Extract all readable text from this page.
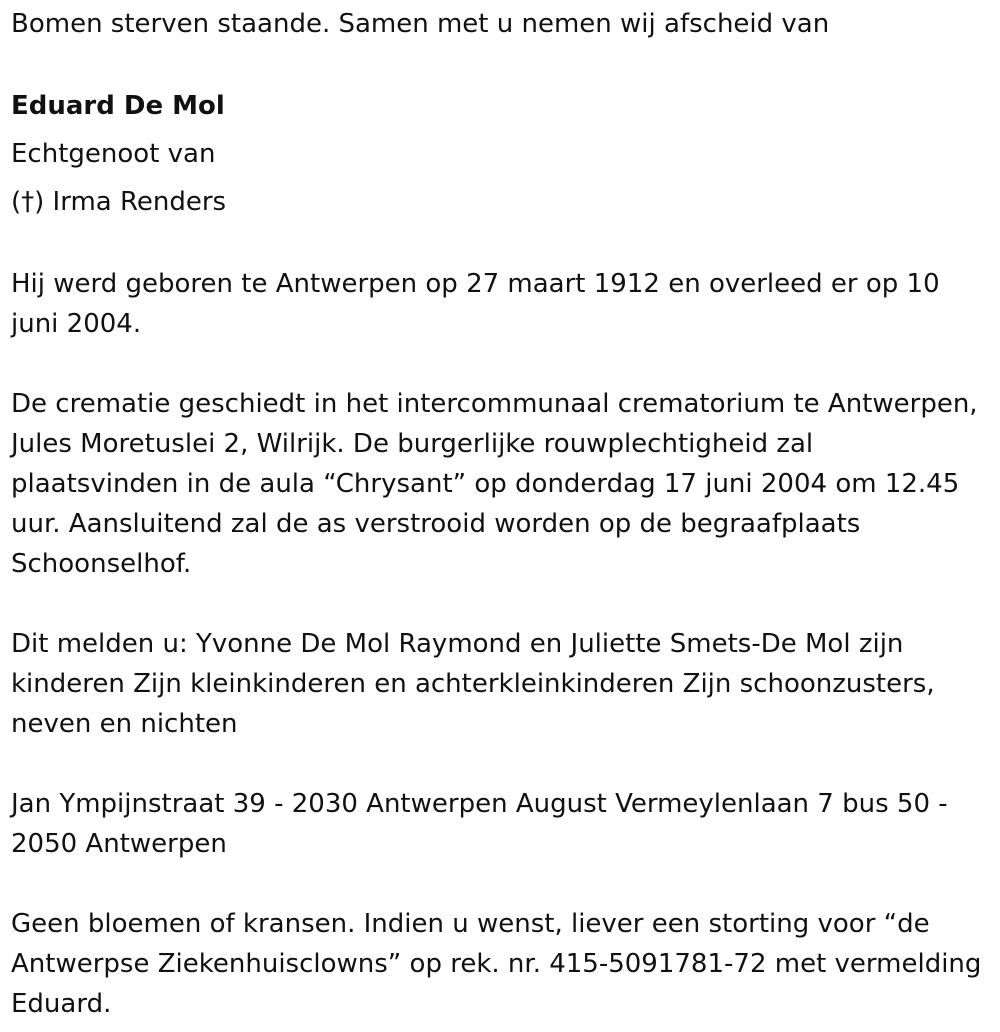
Bomen sterven staande. Samen met u nemen wij afscheid van
Eduard De Mol
Echtgenoot van
(†) Irma Renders

Hij werd geboren te Antwerpen op 27 maart 1912 en overleed er op 10 juni 2004.

De crematie geschiedt in het intercommunaal crematorium te Antwerpen, Jules Moretuslei 2, Wilrijk. De burgerlijke rouwplechtigheid zal plaatsvinden in de aula “Chrysant” op donderdag 17 juni 2004 om 12.45 uur. Aansluitend zal de as verstrooid worden op de begraafplaats Schoonselhof.

Dit melden u: Yvonne De Mol Raymond en Juliette Smets-De Mol zijn kinderen Zijn kleinkinderen en achterkleinkinderen Zijn schoonzusters, neven en nichten

Jan Ympijnstraat 39 - 2030 Antwerpen August Vermeylenlaan 7 bus 50 - 2050 Antwerpen

Geen bloemen of kransen. Indien u wenst, liever een storting voor “de Antwerpse Ziekenhuisclowns” op rek. nr. 415-5091781-72 met vermelding Eduard.
